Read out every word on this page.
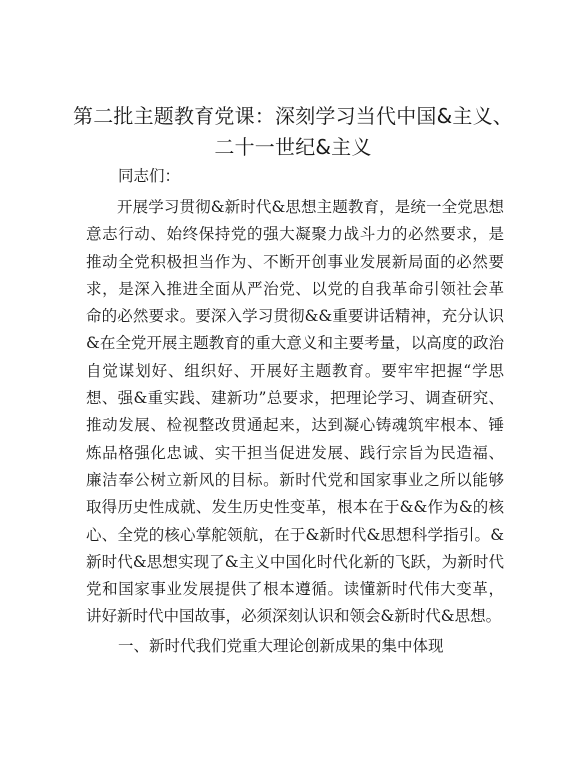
第二批主题教育党课：深刻学习当代中国&主义、
二十一世纪&主义

同志们：

开展学习贯彻&新时代&思想主题教育，是统一全党思想意志行动、始终保持党的强大凝聚力战斗力的必然要求，是推动全党积极担当作为、不断开创事业发展新局面的必然要求，是深入推进全面从严治党、以党的自我革命引领社会革命的必然要求。要深入学习贯彻&&重要讲话精神，充分认识&在全党开展主题教育的重大意义和主要考量，以高度的政治自觉谋划好、组织好、开展好主题教育。要牢牢把握“学思想、强&重实践、建新功”总要求，把理论学习、调查研究、推动发展、检视整改贯通起来，达到凝心铸魂筑牢根本、锤炼品格强化忠诚、实干担当促进发展、践行宗旨为民造福、廉洁奉公树立新风的目标。新时代党和国家事业之所以能够取得历史性成就、发生历史性变革，根本在于&&作为&的核心、全党的核心掌舵领航，在于&新时代&思想科学指引。&新时代&思想实现了&主义中国化时代化新的飞跃，为新时代党和国家事业发展提供了根本遵循。读懂新时代伟大变革，讲好新时代中国故事，必须深刻认识和领会&新时代&思想。

一、新时代我们党重大理论创新成果的集中体现
